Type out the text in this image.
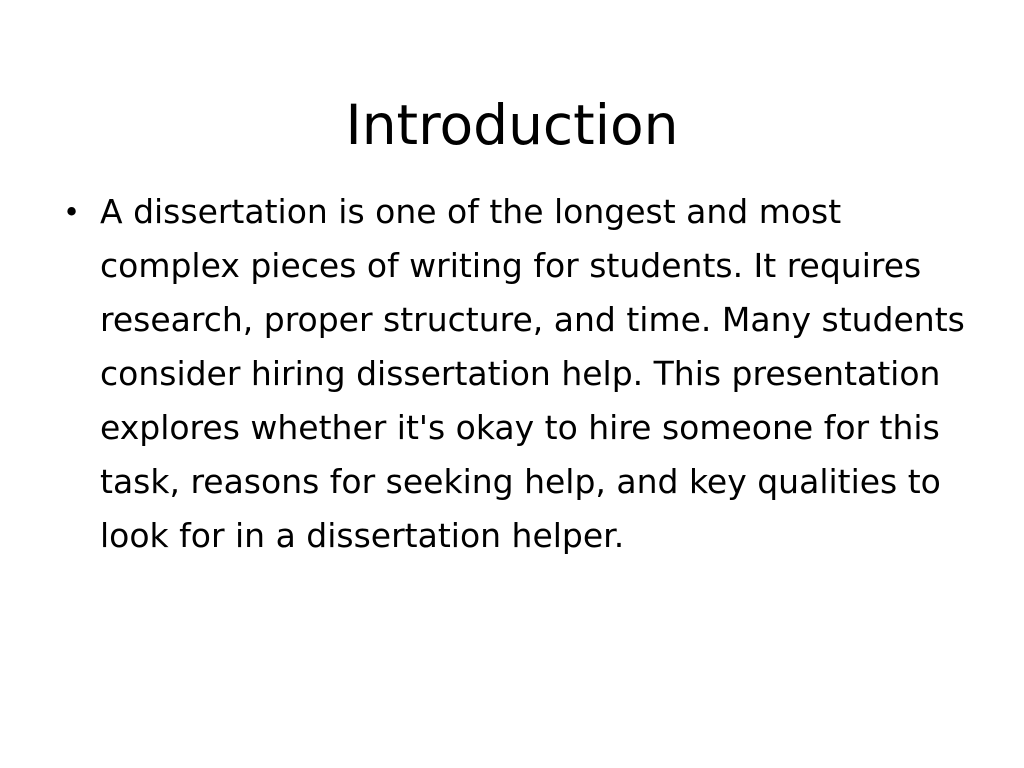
Introduction
• A dissertation is one of the longest and most complex pieces of writing for students. It requires research, proper structure, and time. Many students consider hiring dissertation help. This presentation explores whether it's okay to hire someone for this task, reasons for seeking help, and key qualities to look for in a dissertation helper.
